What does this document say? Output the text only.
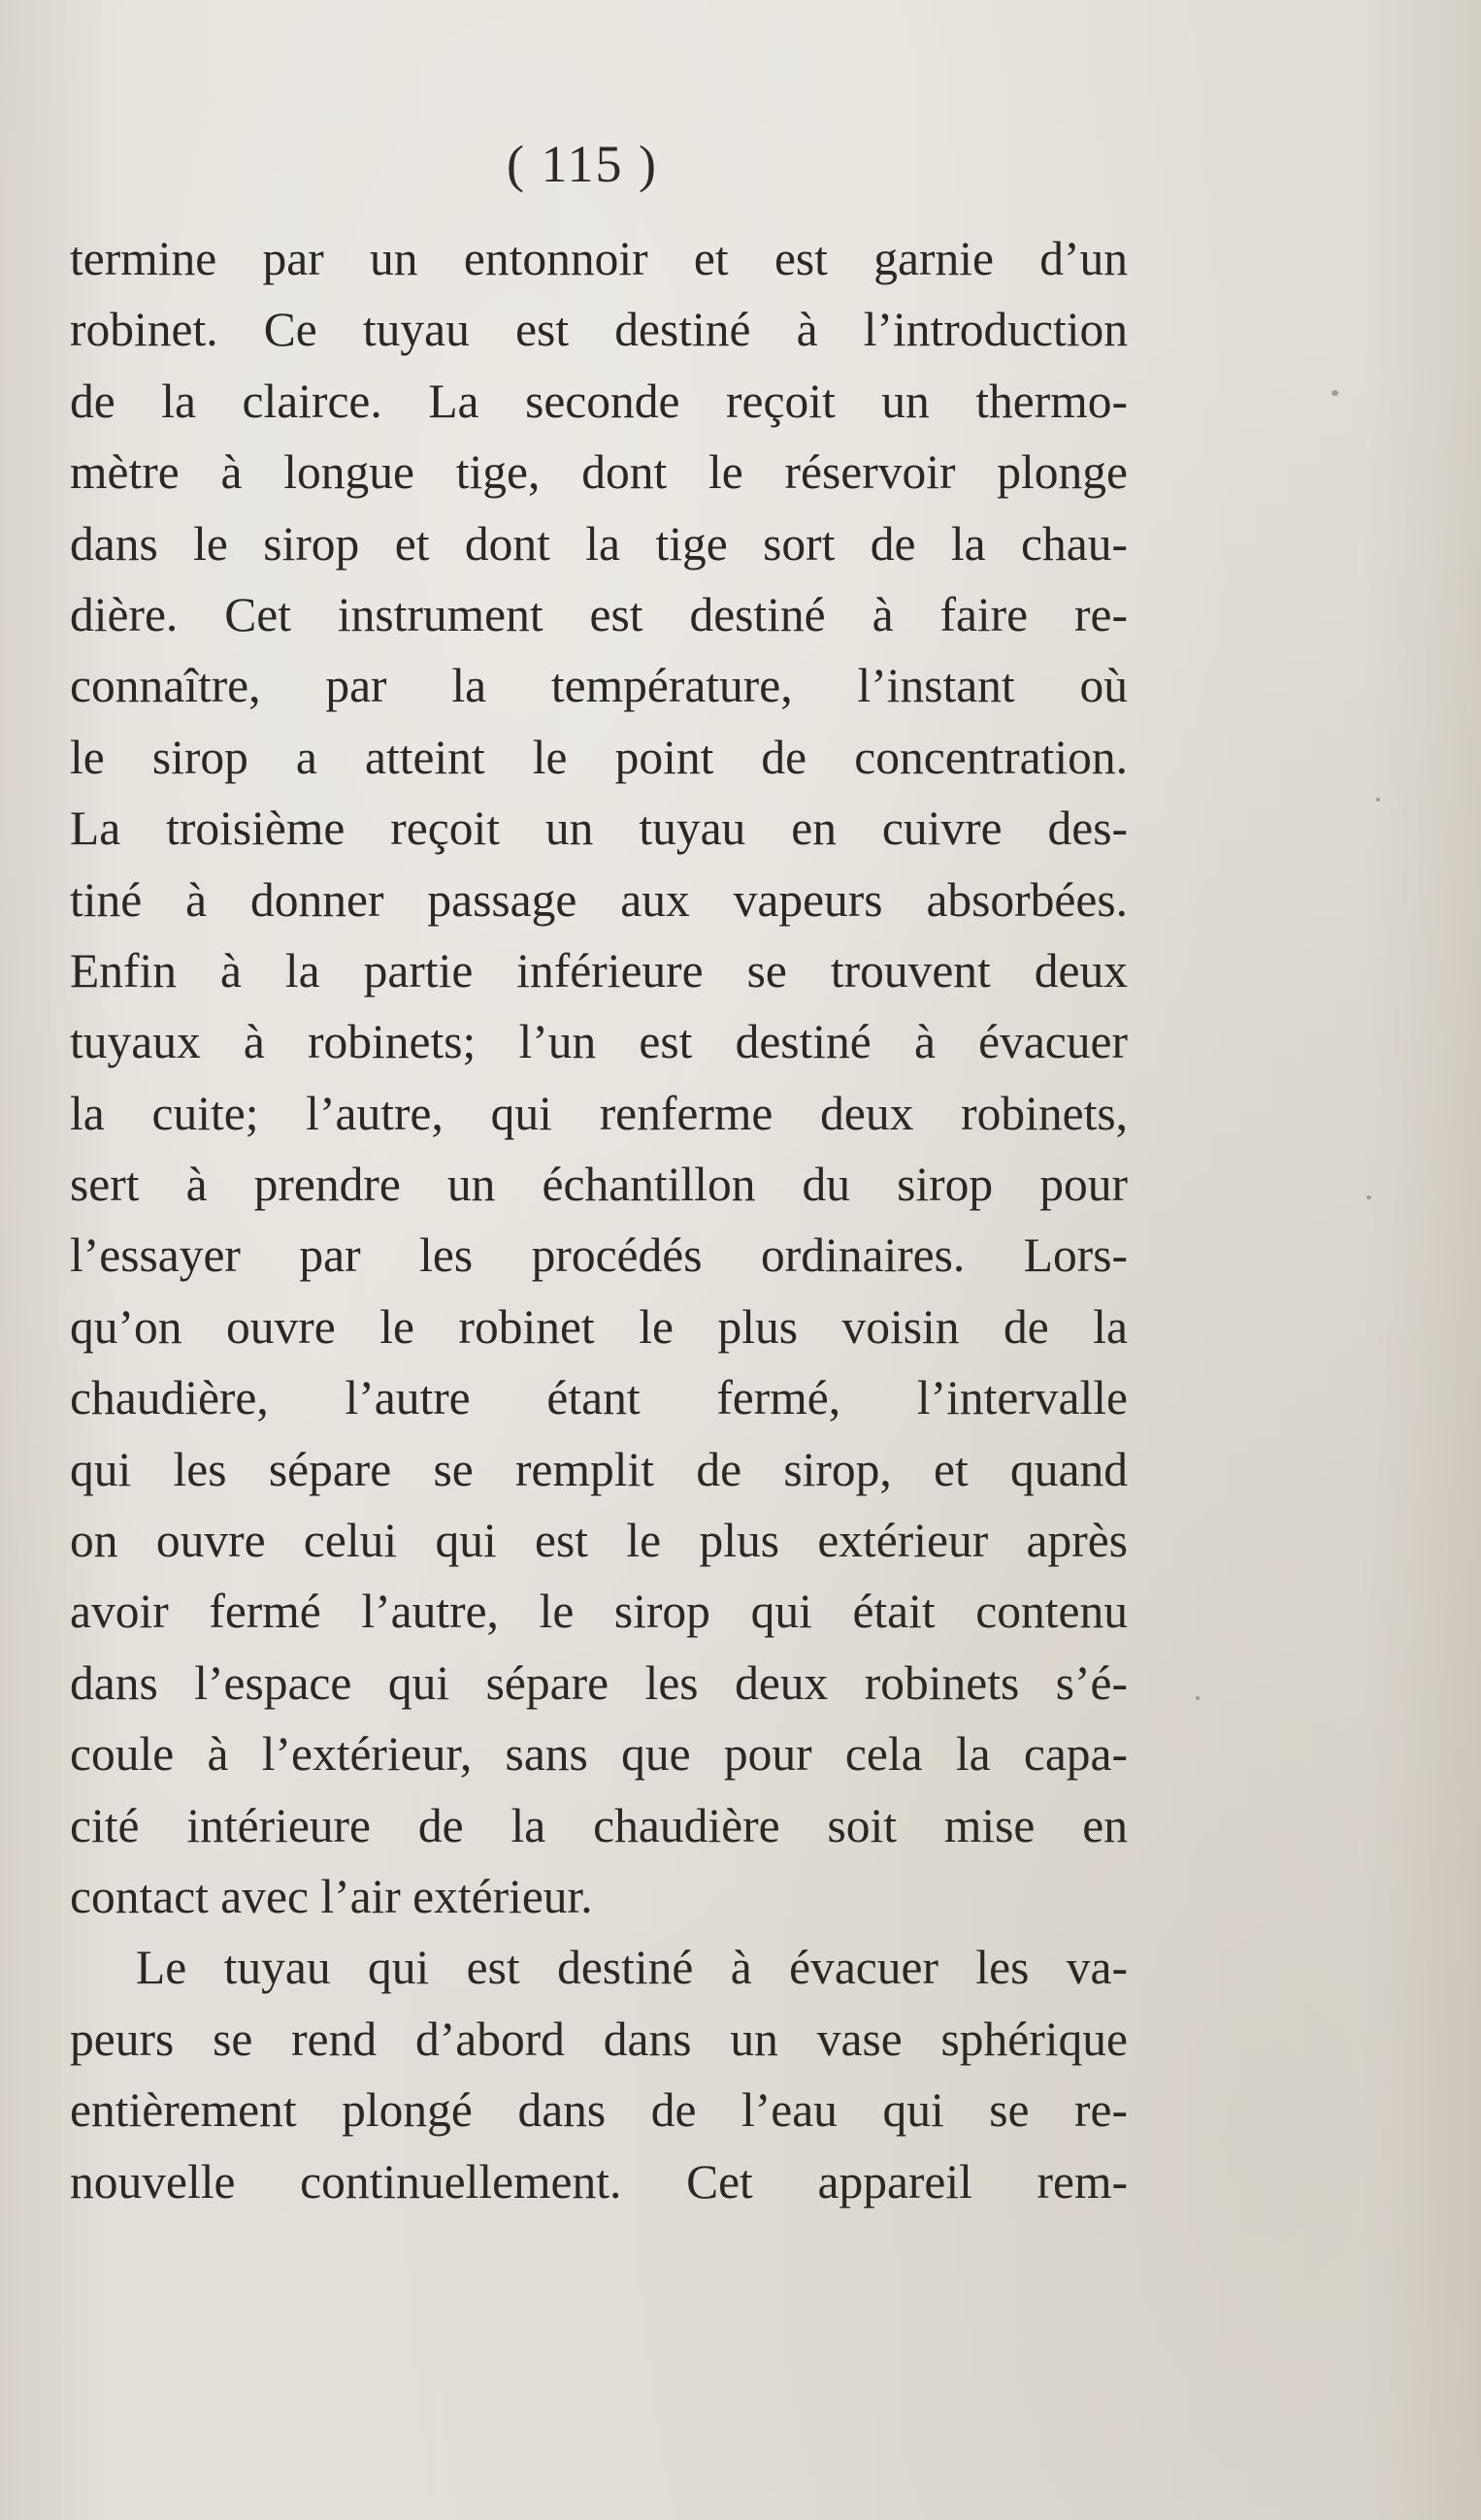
( 115 )
termine par un entonnoir et est garnie d’un
robinet. Ce tuyau est destiné à l’introduction
de la clairce. La seconde reçoit un thermo-
mètre à longue tige, dont le réservoir plonge
dans le sirop et dont la tige sort de la chau-
dière. Cet instrument est destiné à faire re-
connaître, par la température, l’instant où
le sirop a atteint le point de concentration.
La troisième reçoit un tuyau en cuivre des-
tiné à donner passage aux vapeurs absorbées.
Enfin à la partie inférieure se trouvent deux
tuyaux à robinets; l’un est destiné à évacuer
la cuite; l’autre, qui renferme deux robinets,
sert à prendre un échantillon du sirop pour
l’essayer par les procédés ordinaires. Lors-
qu’on ouvre le robinet le plus voisin de la
chaudière, l’autre étant fermé, l’intervalle
qui les sépare se remplit de sirop, et quand
on ouvre celui qui est le plus extérieur après
avoir fermé l’autre, le sirop qui était contenu
dans l’espace qui sépare les deux robinets s’é-
coule à l’extérieur, sans que pour cela la capa-
cité intérieure de la chaudière soit mise en
contact avec l’air extérieur.
Le tuyau qui est destiné à évacuer les va-
peurs se rend d’abord dans un vase sphérique
entièrement plongé dans de l’eau qui se re-
nouvelle continuellement. Cet appareil rem-
